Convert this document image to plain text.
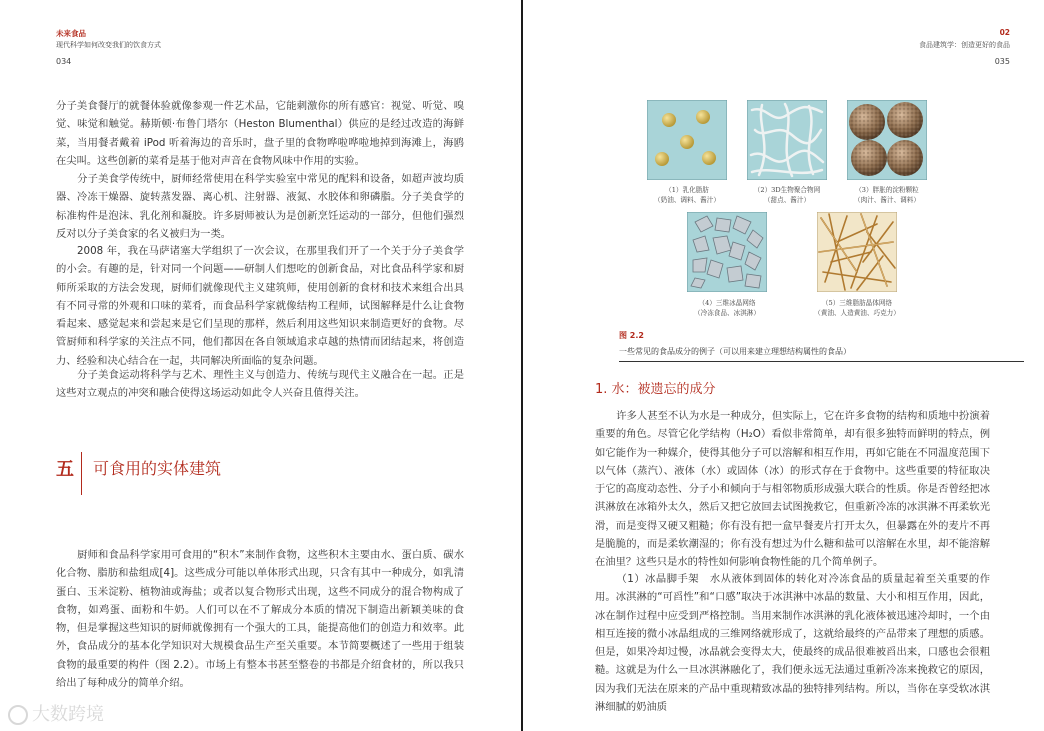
未来食品
现代科学如何改变我们的饮食方式
034

分子美食餐厅的就餐体验就像参观一件艺术品，它能刺激你的所有感官：视觉、听觉、嗅觉、味觉和触觉。赫斯顿·布鲁门塔尔（Heston Blumenthal）供应的是经过改造的海鲜菜，当用餐者戴着 iPod 听着海边的音乐时，盘子里的食物哗啦哗啦地掉到海滩上，海鸥在尖叫。这些创新的菜肴是基于他对声音在食物风味中作用的实验。

分子美食学传统中，厨师经常使用在科学实验室中常见的配料和设备，如超声波均质器、冷冻干燥器、旋转蒸发器、离心机、注射器、液氮、水胶体和卵磷脂。分子美食学的标准构件是泡沫、乳化剂和凝胶。许多厨师被认为是创新烹饪运动的一部分，但他们强烈反对以分子美食家的名义被归为一类。

2008 年，我在马萨诸塞大学组织了一次会议，在那里我们开了一个关于分子美食学的小会。有趣的是，针对同一个问题——研制人们想吃的创新食品，对比食品科学家和厨师所采取的方法会发现，厨师们就像现代主义建筑师，使用创新的食材和技术来组合出具有不同寻常的外观和口味的菜肴，而食品科学家就像结构工程师，试图解释是什么让食物看起来、感觉起来和尝起来是它们呈现的那样，然后利用这些知识来制造更好的食物。尽管厨师和科学家的关注点不同，他们都因在各自领域追求卓越的热情而团结起来，将创造力、经验和决心结合在一起，共同解决所面临的复杂问题。

分子美食运动将科学与艺术、理性主义与创造力、传统与现代主义融合在一起。正是这些对立观点的冲突和融合使得这场运动如此令人兴奋且值得关注。

五 可食用的实体建筑

厨师和食品科学家用可食用的“积木”来制作食物，这些积木主要由水、蛋白质、碳水化合物、脂肪和盐组成[4]。这些成分可能以单体形式出现，只含有其中一种成分，如乳清蛋白、玉米淀粉、植物油或海盐；或者以复合物形式出现，这些不同成分的混合物构成了食物，如鸡蛋、面粉和牛奶。人们可以在不了解成分本质的情况下制造出新颖美味的食物，但是掌握这些知识的厨师就像拥有一个强大的工具，能提高他们的创造力和效率。此外，食品成分的基本化学知识对大规模食品生产至关重要。本节简要概述了一些用于组装食物的最重要的构件（图 2.2）。市场上有整本书甚至整卷的书都是介绍食材的，所以我只给出了每种成分的简单介绍。

大数跨境
02
食品建筑学：创造更好的食品
035
（1）乳化脂肪
（奶油、调料、酱汁）
（2）3D生物聚合物网
（甜点、酱汁）
（3）胖胀的淀粉颗粒
（肉汁、酱汁、调料）
（4）三维冰晶网络
（冷冻食品、冰淇淋）
（5）三维脂肪晶体网络
（黄油、人造黄油、巧克力）
图 2.2
一些常见的食品成分的例子（可以用来建立理想结构属性的食品）
1. 水：被遗忘的成分

许多人甚至不认为水是一种成分，但实际上，它在许多食物的结构和质地中扮演着重要的角色。尽管它化学结构（H₂O）看似非常简单，却有很多独特而鲜明的特点，例如它能作为一种媒介，使得其他分子可以溶解和相互作用，再如它能在不同温度范围下以气体（蒸汽）、液体（水）或固体（冰）的形式存在于食物中。这些重要的特征取决于它的高度动态性、分子小和倾向于与相邻物质形成强大联合的性质。你是否曾经把冰淇淋放在冰箱外太久，然后又把它放回去试图挽救它，但重新冷冻的冰淇淋不再柔软光滑，而是变得又硬又粗糙；你有没有把一盒早餐麦片打开太久，但暴露在外的麦片不再是脆脆的，而是柔软潮湿的；你有没有想过为什么糖和盐可以溶解在水里，却不能溶解在油里？这些只是水的特性如何影响食物性能的几个简单例子。

（1）冰晶脚手架　水从液体到固体的转化对冷冻食品的质量起着至关重要的作用。冰淇淋的“可舀性”和“口感”取决于冰淇淋中冰晶的数量、大小和相互作用，因此，冰在制作过程中应受到严格控制。当用来制作冰淇淋的乳化液体被迅速冷却时，一个由相互连接的微小冰晶组成的三维网络就形成了，这就给最终的产品带来了理想的质感。但是，如果冷却过慢，冰晶就会变得太大，使最终的成品很难被舀出来，口感也会很粗糙。这就是为什么一旦冰淇淋融化了，我们便永远无法通过重新冷冻来挽救它的原因，因为我们无法在原来的产品中重现精致冰晶的独特排列结构。所以，当你在享受软冰淇淋细腻的奶油质
